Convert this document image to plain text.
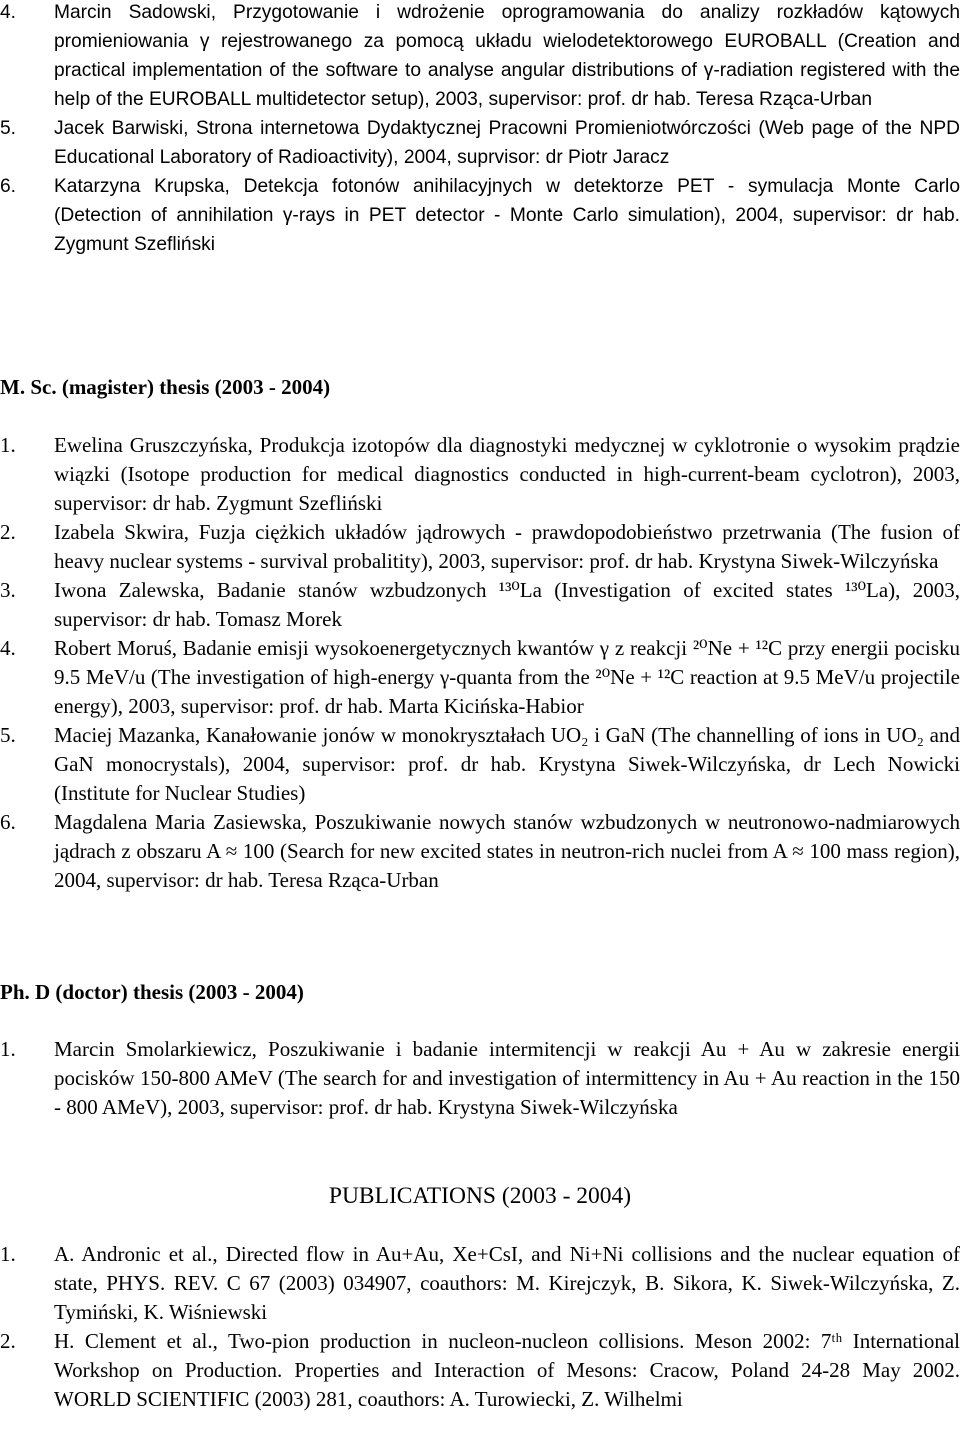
4.	Marcin Sadowski, Przygotowanie i wdrożenie oprogramowania do analizy rozkładów kątowych promieniowania γ rejestrowanego za pomocą układu wielodetektorowego EUROBALL (Creation and practical implementation of the software to analyse angular distributions of γ-radiation registered with the help of the EUROBALL multidetector setup), 2003, supervisor: prof. dr hab. Teresa Rząca-Urban
5.	Jacek Barwiski, Strona internetowa Dydaktycznej Pracowni Promieniotwórczości (Web page of the NPD Educational Laboratory of Radioactivity), 2004, suprvisor: dr Piotr Jaracz
6.	Katarzyna Krupska, Detekcja fotonów anihilacyjnych w detektorze PET - symulacja Monte Carlo (Detection of annihilation γ-rays in PET detector - Monte Carlo simulation), 2004, supervisor: dr hab. Zygmunt Szefliński
M. Sc. (magister) thesis (2003 - 2004)
1.	Ewelina Gruszczyńska, Produkcja izotopów dla diagnostyki medycznej w cyklotronie o wysokim prądzie wiązki (Isotope production for medical diagnostics conducted in high-current-beam cyclotron), 2003, supervisor: dr hab. Zygmunt Szefliński
2.	Izabela Skwira, Fuzja ciężkich układów jądrowych - prawdopodobieństwo przetrwania (The fusion of heavy nuclear systems - survival probalitity), 2003, supervisor: prof. dr hab. Krystyna Siwek-Wilczyńska
3.	Iwona Zalewska, Badanie stanów wzbudzonych ¹³⁰La (Investigation of excited states ¹³⁰La), 2003, supervisor: dr hab. Tomasz Morek
4.	Robert Moruś, Badanie emisji wysokoenergetycznych kwantów γ z reakcji ²⁰Ne + ¹²C przy energii pocisku 9.5 MeV/u (The investigation of high-energy γ-quanta from the ²⁰Ne + ¹²C reaction at 9.5 MeV/u projectile energy), 2003, supervisor: prof. dr hab. Marta Kicińska-Habior
5.	Maciej Mazanka, Kanałowanie jonów w monokryształach UO₂ i GaN (The channelling of ions in UO₂ and GaN monocrystals), 2004, supervisor: prof. dr hab. Krystyna Siwek-Wilczyńska, dr Lech Nowicki (Institute for Nuclear Studies)
6.	Magdalena Maria Zasiewska, Poszukiwanie nowych stanów wzbudzonych w neutronowo-nadmiarowych jądrach z obszaru A ≈ 100 (Search for new excited states in neutron-rich nuclei from A ≈ 100 mass region), 2004, supervisor: dr hab. Teresa Rząca-Urban
Ph. D (doctor) thesis (2003 - 2004)
1.	Marcin Smolarkiewicz, Poszukiwanie i badanie intermitencji w reakcji Au + Au w zakresie energii pocisków 150-800 AMeV (The search for and investigation of intermittency in Au + Au reaction in the 150 - 800 AMeV), 2003, supervisor: prof. dr hab. Krystyna Siwek-Wilczyńska
PUBLICATIONS (2003 - 2004)
1.	A. Andronic et al., Directed flow in Au+Au, Xe+CsI, and Ni+Ni collisions and the nuclear equation of state, PHYS. REV. C 67 (2003) 034907, coauthors: M. Kirejczyk, B. Sikora, K. Siwek-Wilczyńska, Z. Tymiński, K. Wiśniewski
2.	H. Clement et al., Two-pion production in nucleon-nucleon collisions. Meson 2002: 7ᵗʰ International Workshop on Production. Properties and Interaction of Mesons: Cracow, Poland 24-28 May 2002. WORLD SCIENTIFIC (2003) 281, coauthors: A. Turowiecki, Z. Wilhelmi
